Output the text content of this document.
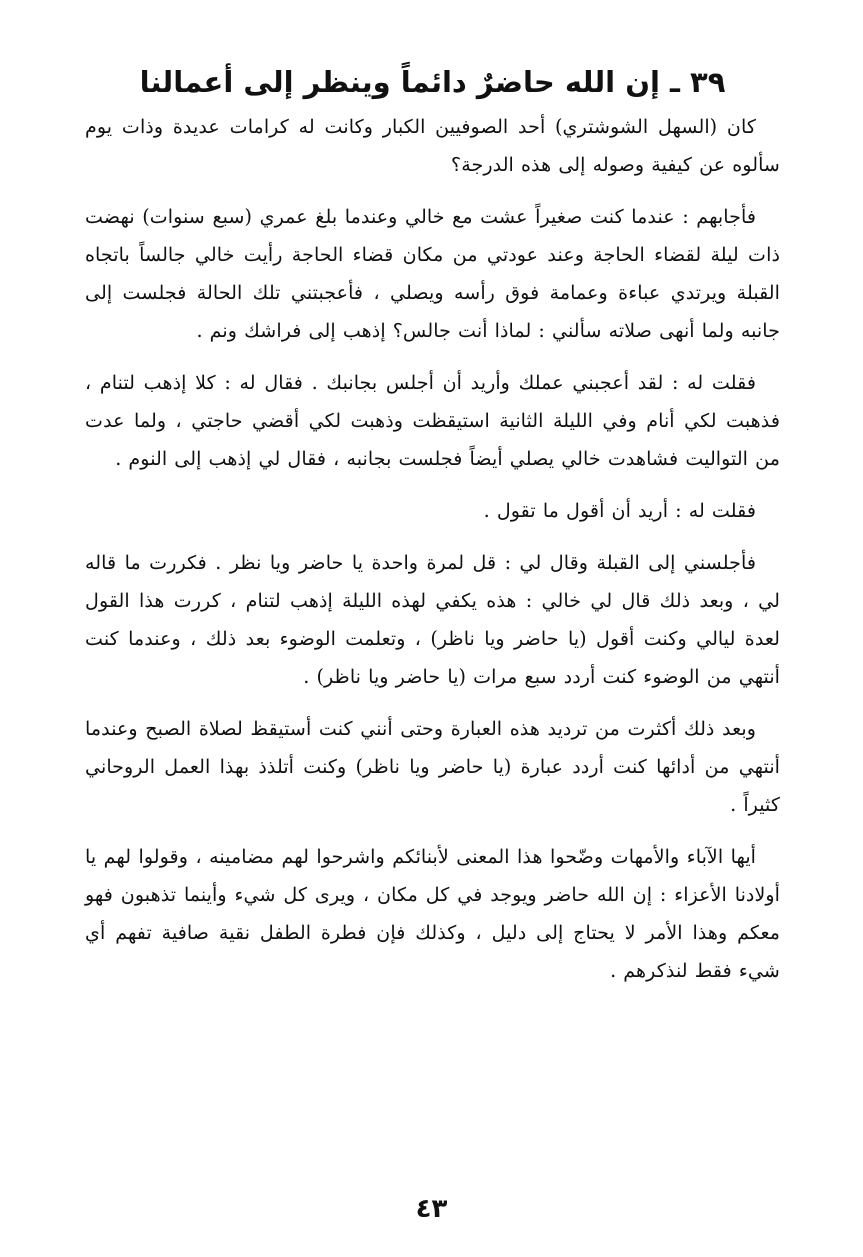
٣٩ ـ إن الله حاضرٌ دائماً وينظر إلى أعمالنا

كان (السهل الشوشتري) أحد الصوفيين الكبار وكانت له كرامات عديدة وذات يوم سألوه عن كيفية وصوله إلى هذه الدرجة؟

فأجابهم : عندما كنت صغيراً عشت مع خالي وعندما بلغ عمري (سبع سنوات) نهضت ذات ليلة لقضاء الحاجة وعند عودتي من مكان قضاء الحاجة رأيت خالي جالساً باتجاه القبلة ويرتدي عباءة وعمامة فوق رأسه ويصلي ، فأعجبتني تلك الحالة فجلست إلى جانبه ولما أنهى صلاته سألني : لماذا أنت جالس؟ إذهب إلى فراشك ونم .

فقلت له : لقد أعجبني عملك وأريد أن أجلس بجانبك . فقال له : كلا إذهب لتنام ، فذهبت لكي أنام وفي الليلة الثانية استيقظت وذهبت لكي أقضي حاجتي ، ولما عدت من التواليت فشاهدت خالي يصلي أيضاً فجلست بجانبه ، فقال لي إذهب إلى النوم .

فقلت له : أريد أن أقول ما تقول .

فأجلسني إلى القبلة وقال لي : قل لمرة واحدة يا حاضر ويا نظر . فكررت ما قاله لي ، وبعد ذلك قال لي خالي : هذه يكفي لهذه الليلة إذهب لتنام ، كررت هذا القول لعدة ليالي وكنت أقول (يا حاضر ويا ناظر) ، وتعلمت الوضوء بعد ذلك ، وعندما كنت أنتهي من الوضوء كنت أردد سبع مرات (يا حاضر ويا ناظر) .

وبعد ذلك أكثرت من ترديد هذه العبارة وحتى أنني كنت أستيقظ لصلاة الصبح وعندما أنتهي من أدائها كنت أردد عبارة (يا حاضر ويا ناظر) وكنت أتلذذ بهذا العمل الروحاني كثيراً .

أيها الآباء والأمهات وضّحوا هذا المعنى لأبنائكم واشرحوا لهم مضامينه ، وقولوا لهم يا أولادنا الأعزاء : إن الله حاضر ويوجد في كل مكان ، ويرى كل شيء وأينما تذهبون فهو معكم وهذا الأمر لا يحتاج إلى دليل ، وكذلك فإن فطرة الطفل نقية صافية تفهم أي شيء فقط لنذكرهم .

٤٣
